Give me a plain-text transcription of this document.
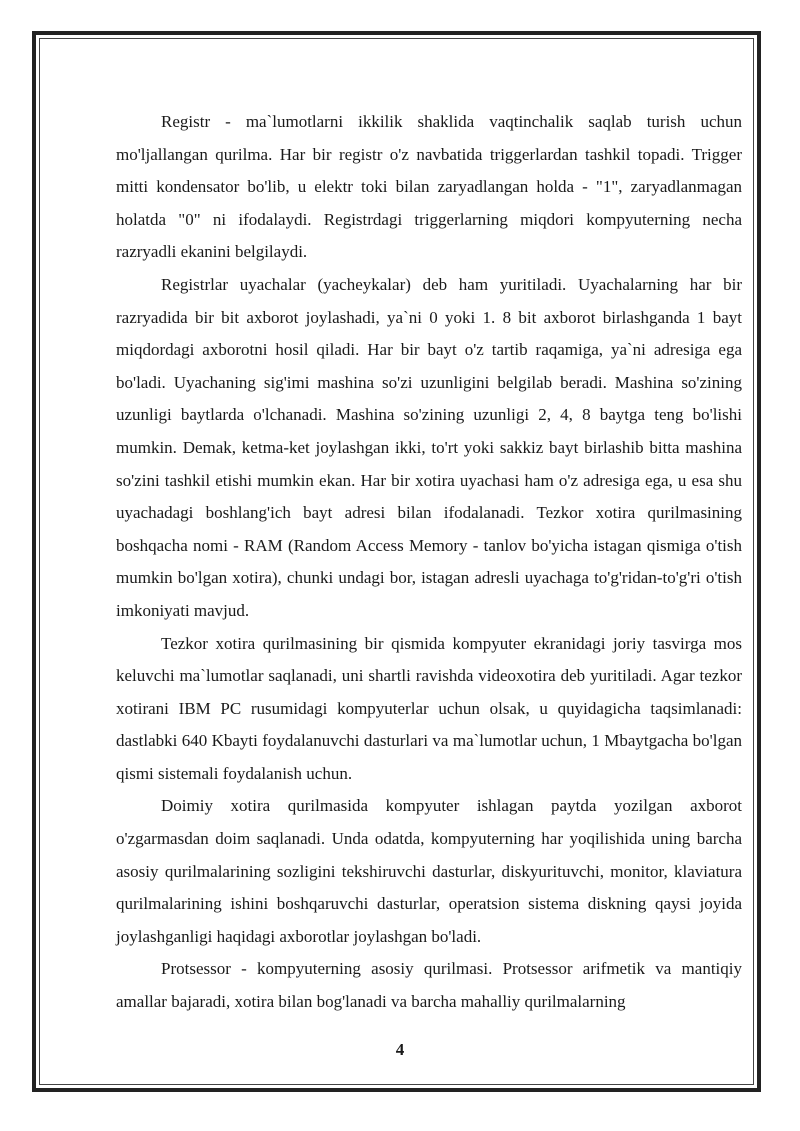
Registr - ma`lumotlarni ikkilik shaklida vaqtinchalik saqlab turish uchun mo'ljallangan qurilma. Har bir registr o'z navbatida triggerlardan tashkil topadi. Trigger mitti kondensator bo'lib, u elektr toki bilan zaryadlangan holda - "1", zaryadlanmagan holatda "0" ni ifodalaydi. Registrdagi triggerlarning miqdori kompyuterning necha razryadli ekanini belgilaydi.

Registrlar uyachalar (yacheykalar) deb ham yuritiladi. Uyachalarning har bir razryadida bir bit axborot joylashadi, ya`ni 0 yoki 1. 8 bit axborot birlashganda 1 bayt miqdordagi axborotni hosil qiladi. Har bir bayt o'z tartib raqamiga, ya`ni adresiga ega bo'ladi. Uyachaning sig'imi mashina so'zi uzunligini belgilab beradi. Mashina so'zining uzunligi baytlarda o'lchanadi. Mashina so'zining uzunligi 2, 4, 8 baytga teng bo'lishi mumkin. Demak, ketma-ket joylashgan ikki, to'rt yoki sakkiz bayt birlashib bitta mashina so'zini tashkil etishi mumkin ekan. Har bir xotira uyachasi ham o'z adresiga ega, u esa shu uyachadagi boshlang'ich bayt adresi bilan ifodalanadi. Tezkor xotira qurilmasining boshqacha nomi - RAM (Random Access Memory - tanlov bo'yicha istagan qismiga o'tish mumkin bo'lgan xotira), chunki undagi bor, istagan adresli uyachaga to'g'ridan-to'g'ri o'tish imkoniyati mavjud.

Tezkor xotira qurilmasining bir qismida kompyuter ekranidagi joriy tasvirga mos keluvchi ma`lumotlar saqlanadi, uni shartli ravishda videoxotira deb yuritiladi. Agar tezkor xotirani IBM PC rusumidagi kompyuterlar uchun olsak, u quyidagicha taqsimlanadi: dastlabki 640 Kbayti foydalanuvchi dasturlari va ma`lumotlar uchun, 1 Mbaytgacha bo'lgan qismi sistemali foydalanish uchun.

Doimiy xotira qurilmasida kompyuter ishlagan paytda yozilgan axborot o'zgarmasdan doim saqlanadi. Unda odatda, kompyuterning har yoqilishida uning barcha asosiy qurilmalarining sozligini tekshiruvchi dasturlar, diskyurituvchi, monitor, klaviatura qurilmalarining ishini boshqaruvchi dasturlar, operatsion sistema diskning qaysi joyida joylashganligi haqidagi axborotlar joylashgan bo'ladi.

Protsessor - kompyuterning asosiy qurilmasi. Protsessor arifmetik va mantiqiy amallar bajaradi, xotira bilan bog'lanadi va barcha mahalliy qurilmalarning

4
